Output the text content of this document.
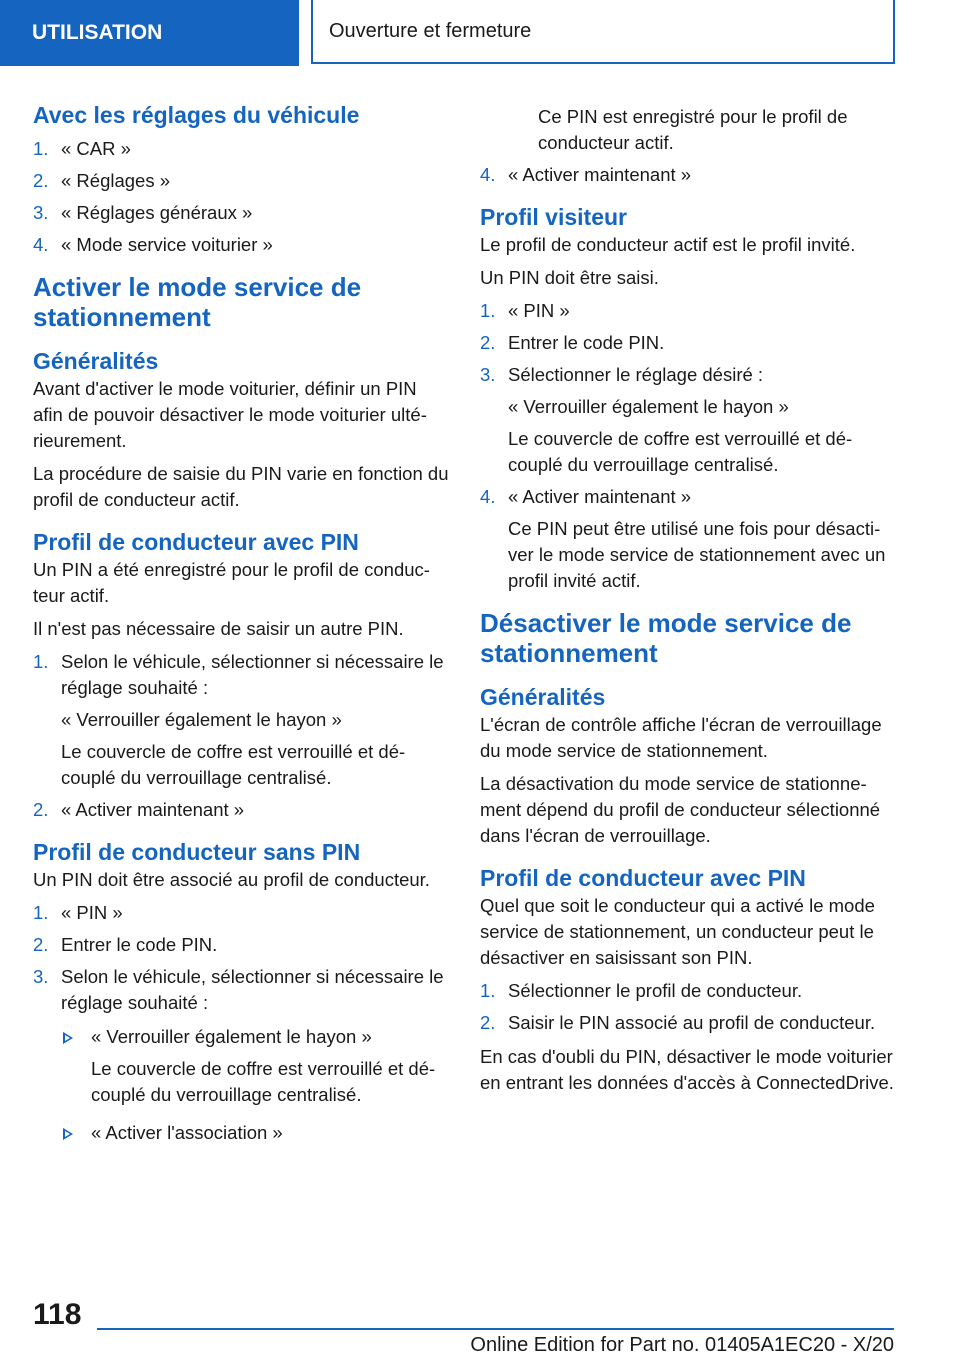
UTILISATION	Ouverture et fermeture
Avec les réglages du véhicule
1. « CAR »
2. « Réglages »
3. « Réglages généraux »
4. « Mode service voiturier »
Activer le mode service de stationnement
Généralités

Avant d'activer le mode voiturier, définir un PIN afin de pouvoir désactiver le mode voiturier ultérieurement.

La procédure de saisie du PIN varie en fonction du profil de conducteur actif.

Profil de conducteur avec PIN

Un PIN a été enregistré pour le profil de conducteur actif.

Il n'est pas nécessaire de saisir un autre PIN.

1. Selon le véhicule, sélectionner si nécessaire le réglage souhaité :
« Verrouiller également le hayon »
Le couvercle de coffre est verrouillé et découplé du verrouillage centralisé.
2. « Activer maintenant »
Profil de conducteur sans PIN

Un PIN doit être associé au profil de conducteur.

1. « PIN »
2. Entrer le code PIN.
3. Selon le véhicule, sélectionner si nécessaire le réglage souhaité :
« Verrouiller également le hayon »
Le couvercle de coffre est verrouillé et découplé du verrouillage centralisé.
« Activer l'association »
Ce PIN est enregistré pour le profil de conducteur actif.
4. « Activer maintenant »
Profil visiteur

Le profil de conducteur actif est le profil invité.

Un PIN doit être saisi.

1. « PIN »
2. Entrer le code PIN.
3. Sélectionner le réglage désiré :
« Verrouiller également le hayon »
Le couvercle de coffre est verrouillé et découplé du verrouillage centralisé.
4. « Activer maintenant »
Ce PIN peut être utilisé une fois pour désactiver le mode service de stationnement avec un profil invité actif.
Désactiver le mode service de stationnement
Généralités

L'écran de contrôle affiche l'écran de verrouillage du mode service de stationnement.

La désactivation du mode service de stationnement dépend du profil de conducteur sélectionné dans l'écran de verrouillage.

Profil de conducteur avec PIN

Quel que soit le conducteur qui a activé le mode service de stationnement, un conducteur peut le désactiver en saisissant son PIN.

1. Sélectionner le profil de conducteur.
2. Saisir le PIN associé au profil de conducteur.

En cas d'oubli du PIN, désactiver le mode voiturier en entrant les données d'accès à ConnectedDrive.

118
Online Edition for Part no. 01405A1EC20 - X/20
